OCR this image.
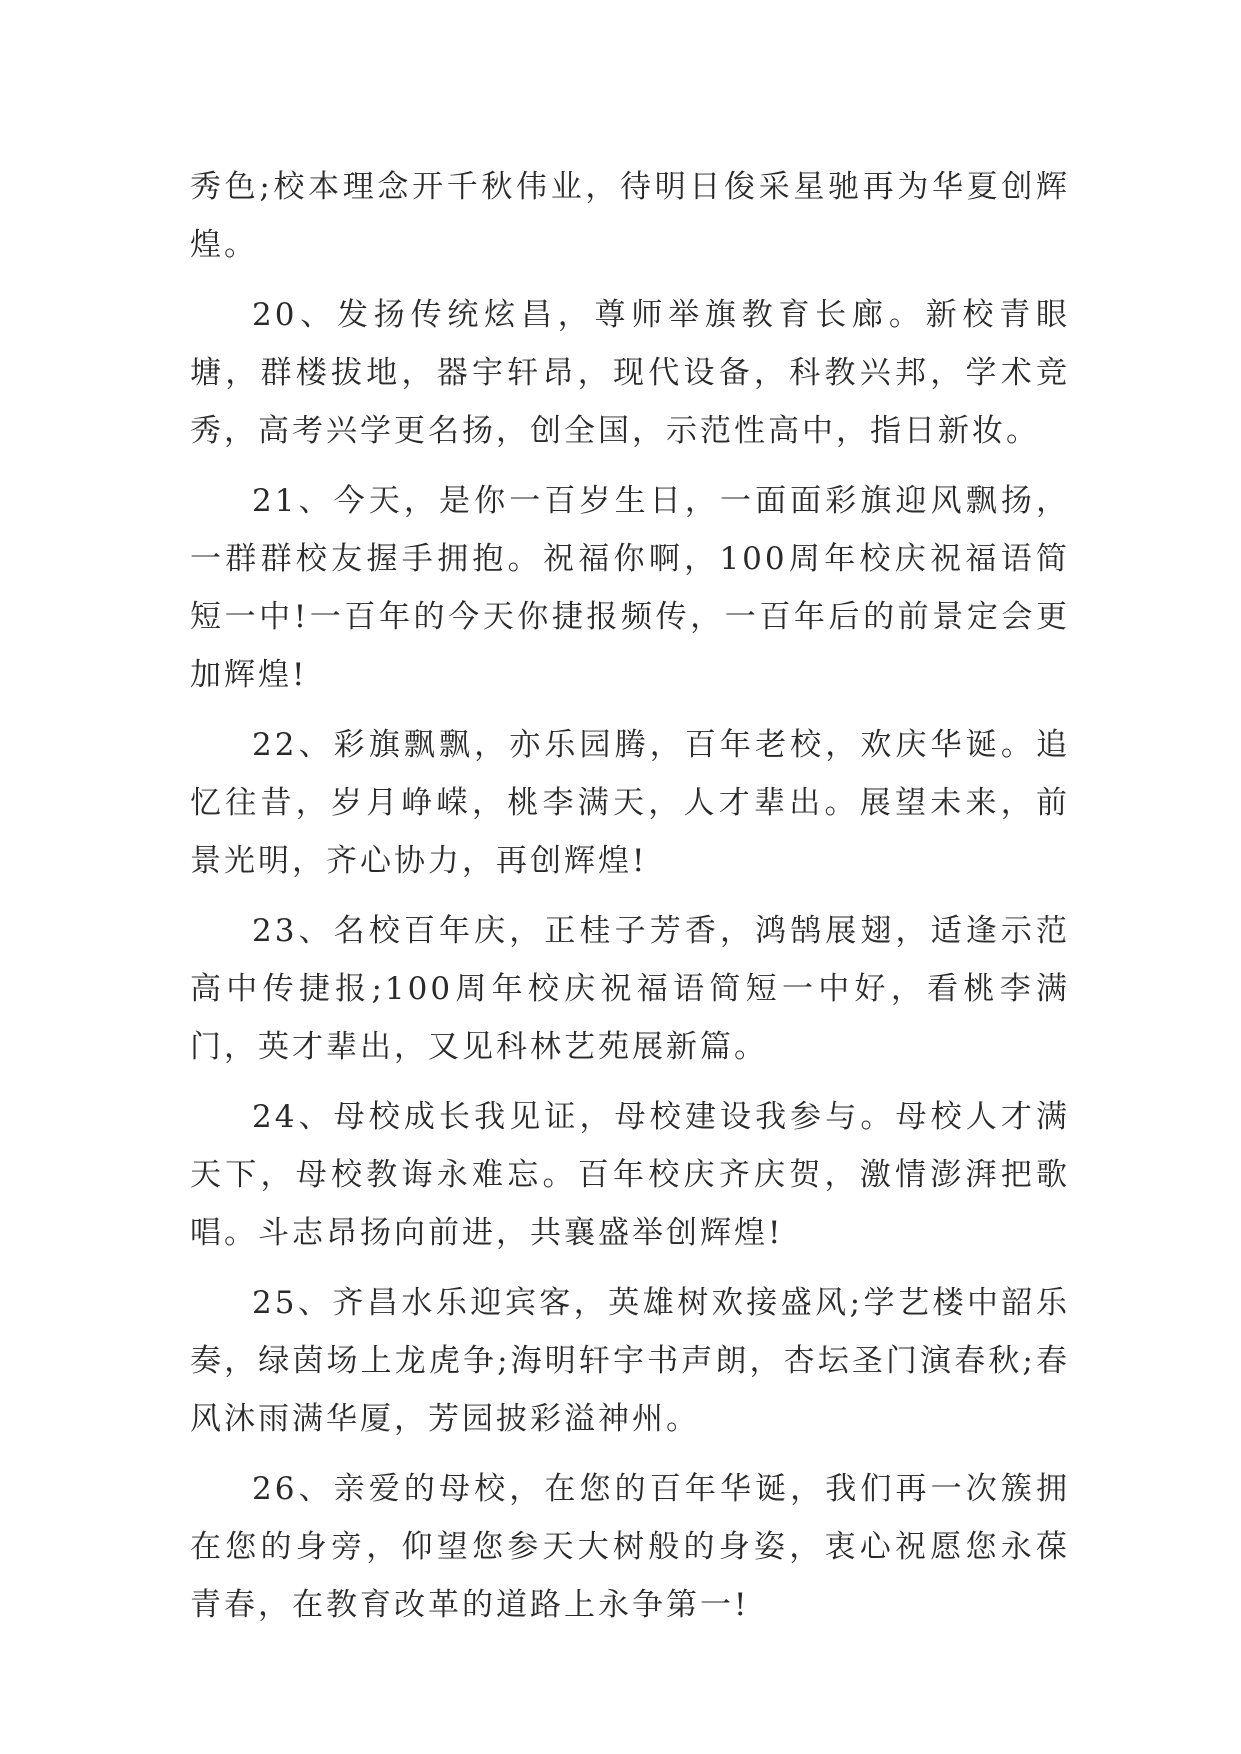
秀色;校本理念开千秋伟业，待明日俊采星驰再为华夏创辉煌。

20、发扬传统炫昌，尊师举旗教育长廊。新校青眼塘，群楼拔地，器宇轩昂，现代设备，科教兴邦，学术竞秀，高考兴学更名扬，创全国，示范性高中，指日新妆。

21、今天，是你一百岁生日，一面面彩旗迎风飘扬，一群群校友握手拥抱。祝福你啊，100周年校庆祝福语简短一中!一百年的今天你捷报频传，一百年后的前景定会更加辉煌!

22、彩旗飘飘，亦乐园腾，百年老校，欢庆华诞。追忆往昔，岁月峥嵘，桃李满天，人才辈出。展望未来，前景光明，齐心协力，再创辉煌!

23、名校百年庆，正桂子芳香，鸿鹄展翅，适逢示范高中传捷报;100周年校庆祝福语简短一中好，看桃李满门，英才辈出，又见科林艺苑展新篇。

24、母校成长我见证，母校建设我参与。母校人才满天下，母校教诲永难忘。百年校庆齐庆贺，激情澎湃把歌唱。斗志昂扬向前进，共襄盛举创辉煌!

25、齐昌水乐迎宾客，英雄树欢接盛风;学艺楼中韶乐奏，绿茵场上龙虎争;海明轩宇书声朗，杏坛圣门演春秋;春风沐雨满华厦，芳园披彩溢神州。

26、亲爱的母校，在您的百年华诞，我们再一次簇拥在您的身旁，仰望您参天大树般的身姿，衷心祝愿您永葆青春，在教育改革的道路上永争第一!
